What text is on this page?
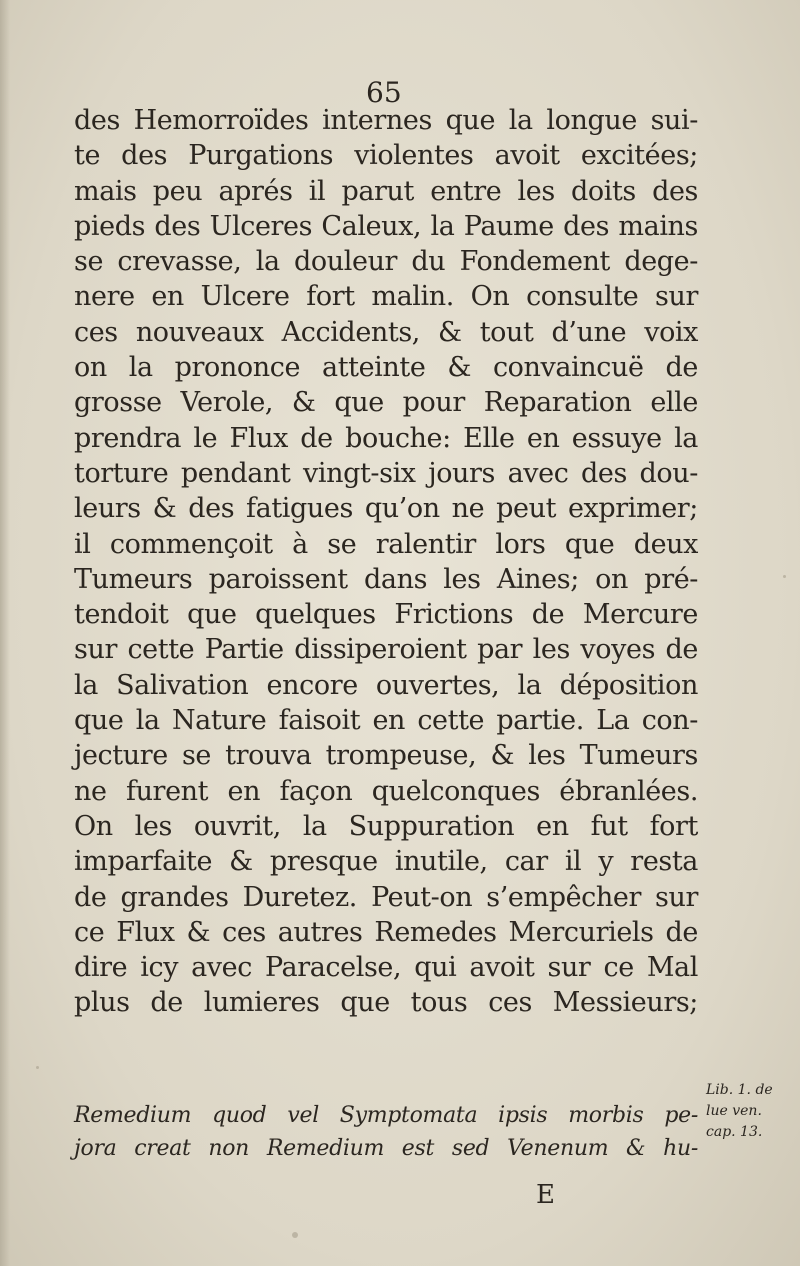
65
des Hemorroïdes internes que la longue sui-
te des Purgations violentes avoit excitées;
mais peu aprés il parut entre les doits des
pieds des Ulceres Caleux, la Paume des mains
se crevasse, la douleur du Fondement dege-
nere en Ulcere fort malin. On consulte sur
ces nouveaux Accidents, & tout d’une voix
on la prononce atteinte & convaincuë de
grosse Verole, & que pour Reparation elle
prendra le Flux de bouche: Elle en essuye la
torture pendant vingt-six jours avec des dou-
leurs & des fatigues qu’on ne peut exprimer;
il commençoit à se ralentir lors que deux
Tumeurs paroissent dans les Aines; on pré-
tendoit que quelques Frictions de Mercure
sur cette Partie dissiperoient par les voyes de
la Salivation encore ouvertes, la déposition
que la Nature faisoit en cette partie. La con-
jecture se trouva trompeuse, & les Tumeurs
ne furent en façon quelconques ébranlées.
On les ouvrit, la Suppuration en fut fort
imparfaite & presque inutile, car il y resta
de grandes Duretez. Peut-on s’empêcher sur
ce Flux & ces autres Remedes Mercuriels de
dire icy avec Paracelse, qui avoit sur ce Mal
plus de lumieres que tous ces Messieurs;
Remedium quod vel Symptomata ipsis morbis pe-
jora creat non Remedium est sed Venenum & hu-
Lib. 1. de
lue ven.
cap. 13.
E
